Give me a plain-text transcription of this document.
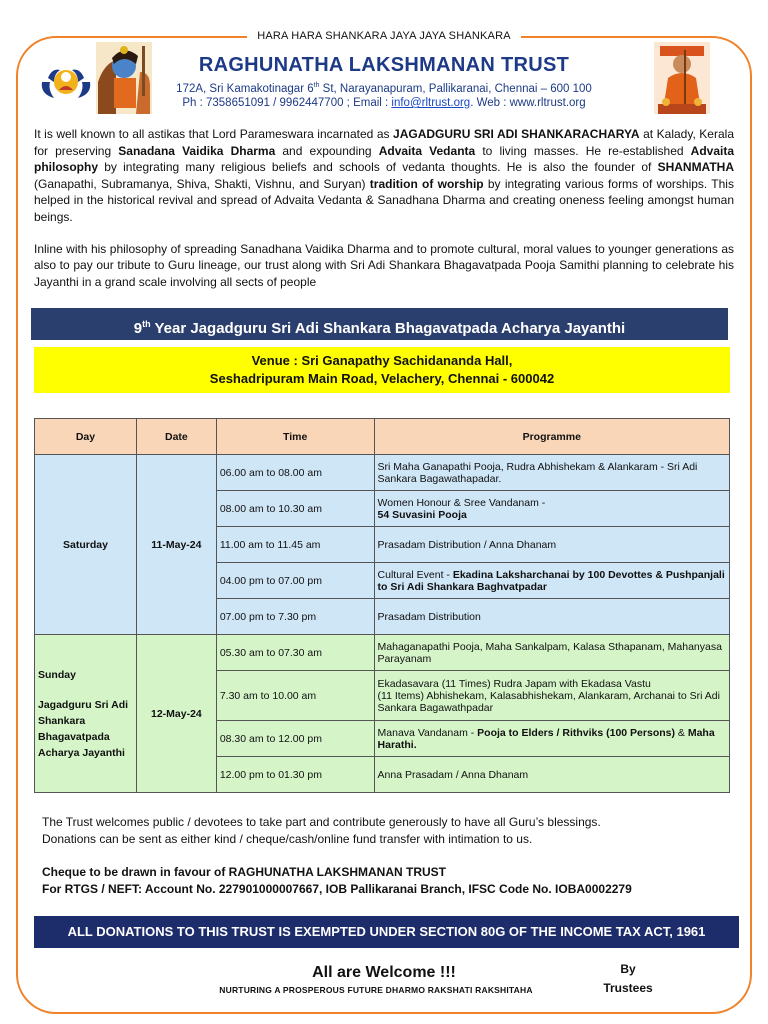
HARA HARA SHANKARA JAYA JAYA SHANKARA
RAGHUNATHA LAKSHMANAN TRUST
172A, Sri Kamakotinagar 6th St, Narayanapuram, Pallikaranai, Chennai – 600 100
Ph : 7358651091 / 9962447700 ; Email : info@rltrust.org. Web : www.rltrust.org

It is well known to all astikas that Lord Parameswara incarnated as JAGADGURU SRI ADI SHANKARACHARYA at Kalady, Kerala for preserving Sanadana Vaidika Dharma and expounding Advaita Vedanta to living masses. He re-established Advaita philosophy by integrating many religious beliefs and schools of vedanta thoughts. He is also the founder of SHANMATHA (Ganapathi, Subramanya, Shiva, Shakti, Vishnu, and Suryan) tradition of worship by integrating various forms of worships. This helped in the historical revival and spread of Advaita Vedanta & Sanadhana Dharma and creating oneness feeling amongst human beings.

Inline with his philosophy of spreading Sanadhana Vaidika Dharma and to promote cultural, moral values to younger generations as also to pay our tribute to Guru lineage, our trust along with Sri Adi Shankara Bhagavatpada Pooja Samithi planning to celebrate his Jayanthi in a grand scale involving all sects of people

9th Year Jagadguru Sri Adi Shankara Bhagavatpada Acharya Jayanthi
Venue : Sri Ganapathy Sachidananda Hall,
Seshadripuram Main Road, Velachery, Chennai - 600042
Day	Date	Time	Programme
Saturday	11-May-24	06.00 am to 08.00 am	Sri Maha Ganapathi Pooja, Rudra Abhishekam & Alankaram - Sri Adi Sankara Bagawathapadar.
		08.00 am to 10.30 am	Women Honour & Sree Vandanam -
54 Suvasini Pooja
		11.00 am to 11.45 am	Prasadam Distribution / Anna Dhanam
		04.00 pm to 07.00 pm	Cultural Event - Ekadina Laksharchanai by 100 Devottes & Pushpanjali to Sri Adi Shankara Baghvatpadar
		07.00 pm to 7.30 pm	Prasadam Distribution

Sunday
Jagadguru Sri Adi Shankara Bhagavatpada Acharya Jayanthi	12-May-24	05.30 am to 07.30 am	Mahaganapathi Pooja, Maha Sankalpam, Kalasa Sthapanam, Mahanyasa Parayanam
		7.30 am to 10.00 am	Ekadasavara (11 Times) Rudra Japam with Ekadasa Vastu
(11 Items) Abhishekam, Kalasabhishekam, Alankaram, Archanai to Sri Adi Sankara Bagawathpadar
		08.30 am to 12.00 pm	Manava Vandanam - Pooja to Elders / Rithviks (100 Persons) & Maha Harathi.
		12.00 pm to 01.30 pm	Anna Prasadam / Anna Dhanam
The Trust welcomes public / devotees to take part and contribute generously to have all Guru’s blessings.
Donations can be sent as either kind / cheque/cash/online fund transfer with intimation to us.
Cheque to be drawn in favour of RAGHUNATHA LAKSHMANAN TRUST
For RTGS / NEFT: Account No. 227901000007667, IOB Pallikaranai Branch, IFSC Code No. IOBA0002279
ALL DONATIONS TO THIS TRUST IS EXEMPTED UNDER SECTION 80G OF THE INCOME TAX ACT, 1961
All are Welcome !!!
NURTURING A PROSPEROUS FUTURE DHARMO RAKSHATI RAKSHITAHA
By
Trustees
